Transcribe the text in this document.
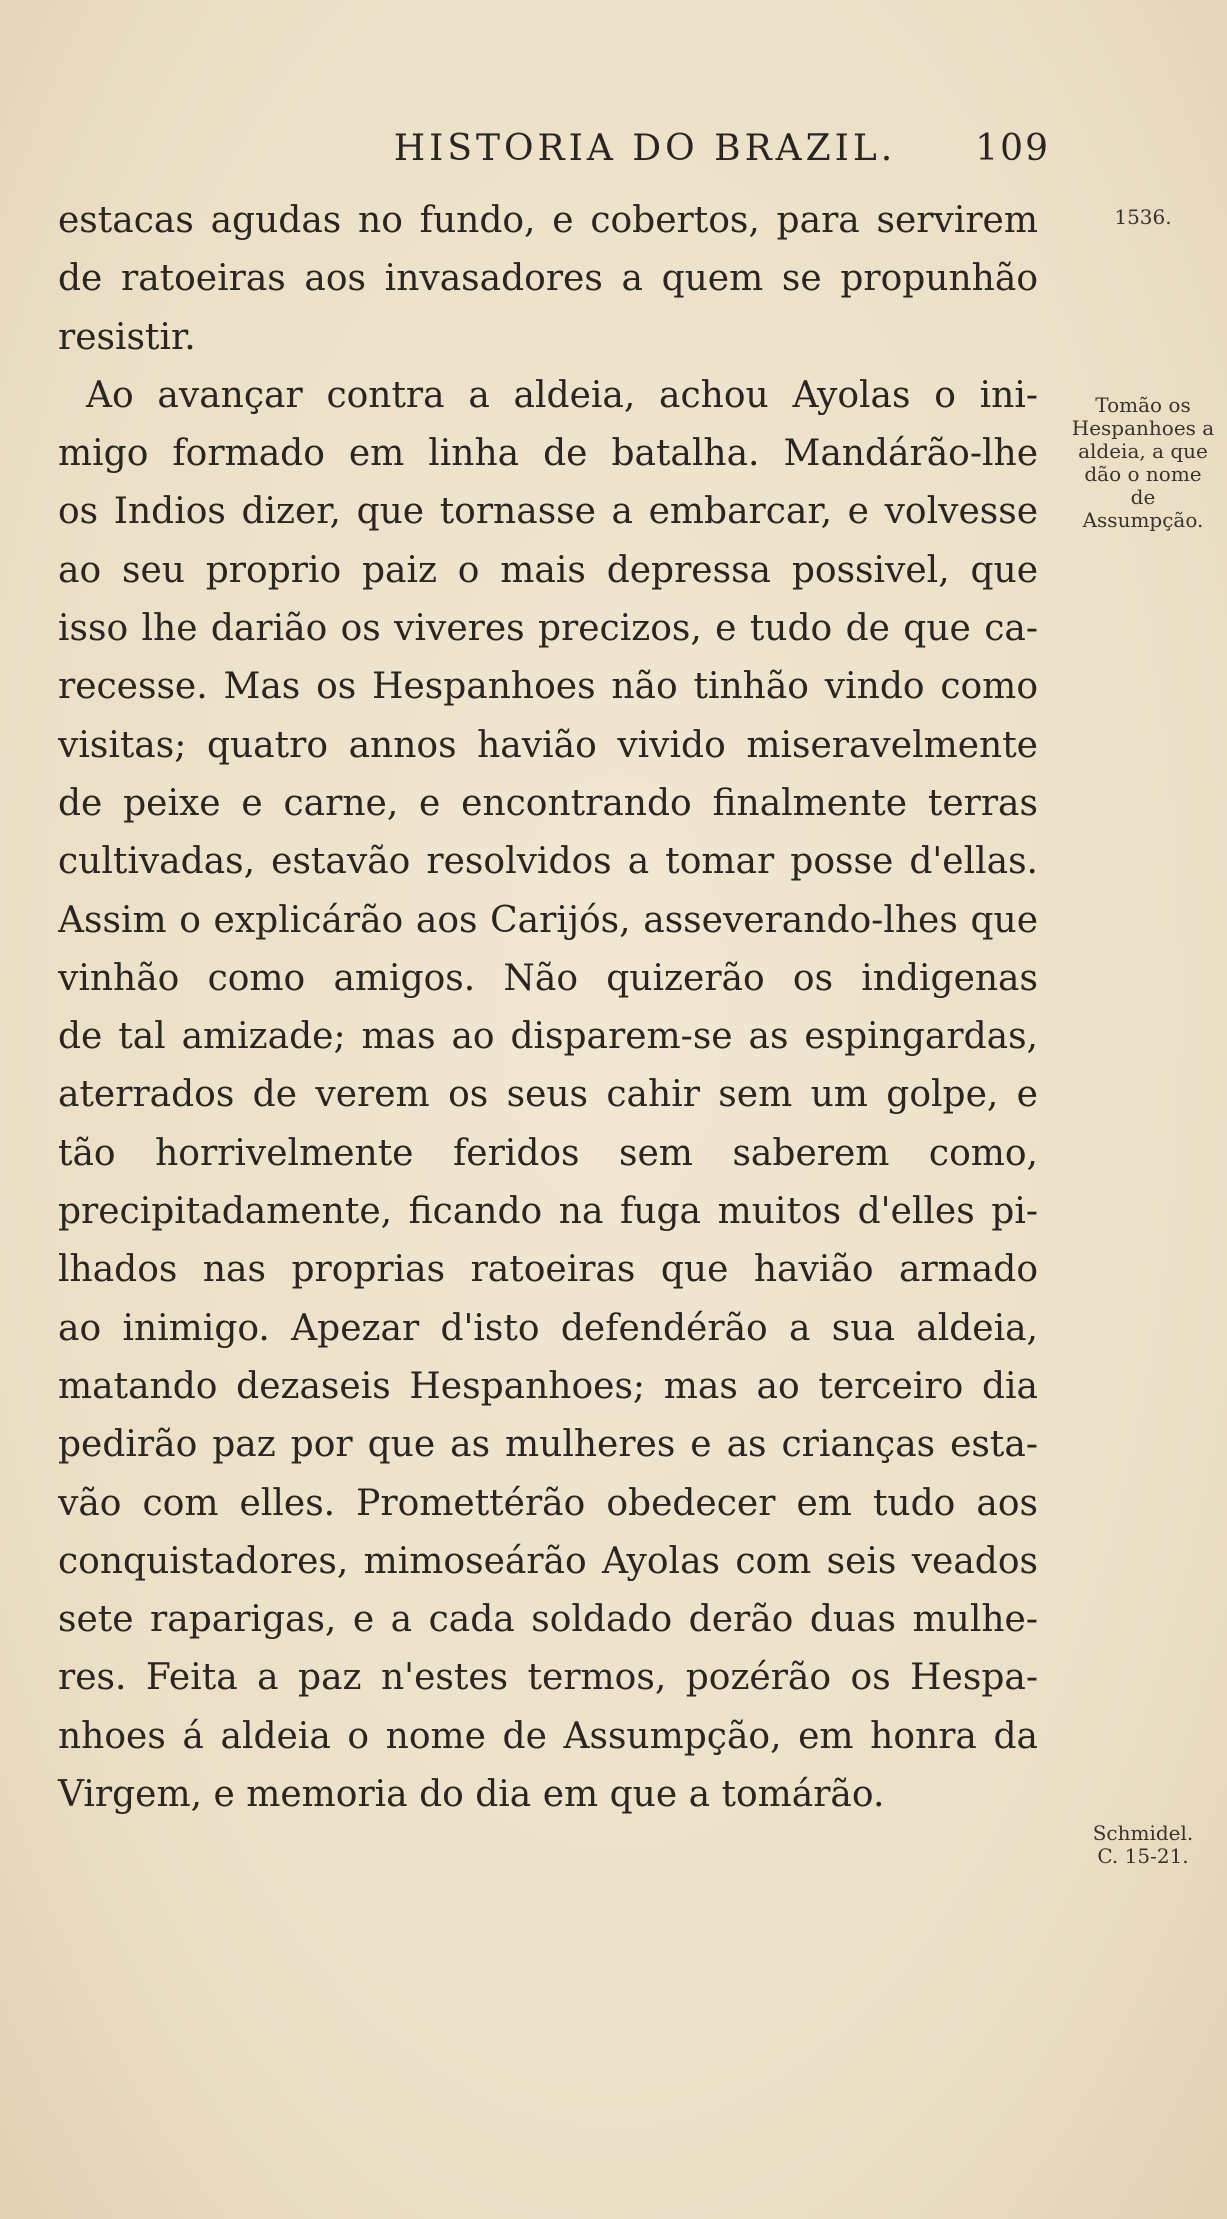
HISTORIA DO BRAZIL. 109
estacas agudas no fundo, e cobertos, para servirem
de ratoeiras aos invasadores a quem se propunhão
resistir.
Ao avançar contra a aldeia, achou Ayolas o ini-
migo formado em linha de batalha. Mandárão-lhe
os Indios dizer, que tornasse a embarcar, e volvesse
ao seu proprio paiz o mais depressa possivel, que
isso lhe darião os viveres precizos, e tudo de que ca-
recesse. Mas os Hespanhoes não tinhão vindo como
visitas; quatro annos havião vivido miseravelmente
de peixe e carne, e encontrando finalmente terras
cultivadas, estavão resolvidos a tomar posse d'ellas.
Assim o explicárão aos Carijós, asseverando-lhes que
vinhão como amigos. Não quizerão os indigenas
de tal amizade; mas ao disparem-se as espingardas,
aterrados de verem os seus cahir sem um golpe, e
tão horrivelmente feridos sem saberem como,
precipitadamente, ficando na fuga muitos d'elles pi-
lhados nas proprias ratoeiras que havião armado
ao inimigo. Apezar d'isto defendérão a sua aldeia,
matando dezaseis Hespanhoes; mas ao terceiro dia
pedirão paz por que as mulheres e as crianças esta-
vão com elles. Promettérão obedecer em tudo aos
conquistadores, mimoseárão Ayolas com seis veados
sete raparigas, e a cada soldado derão duas mulhe-
res. Feita a paz n'estes termos, pozérão os Hespa-
nhoes á aldeia o nome de Assumpção, em honra da
Virgem, e memoria do dia em que a tomárão.
1536.
Tomão os
Hespanhoes a
aldeia, a que
dão o nome
de
Assumpção.
Schmidel.
C. 15-21.
